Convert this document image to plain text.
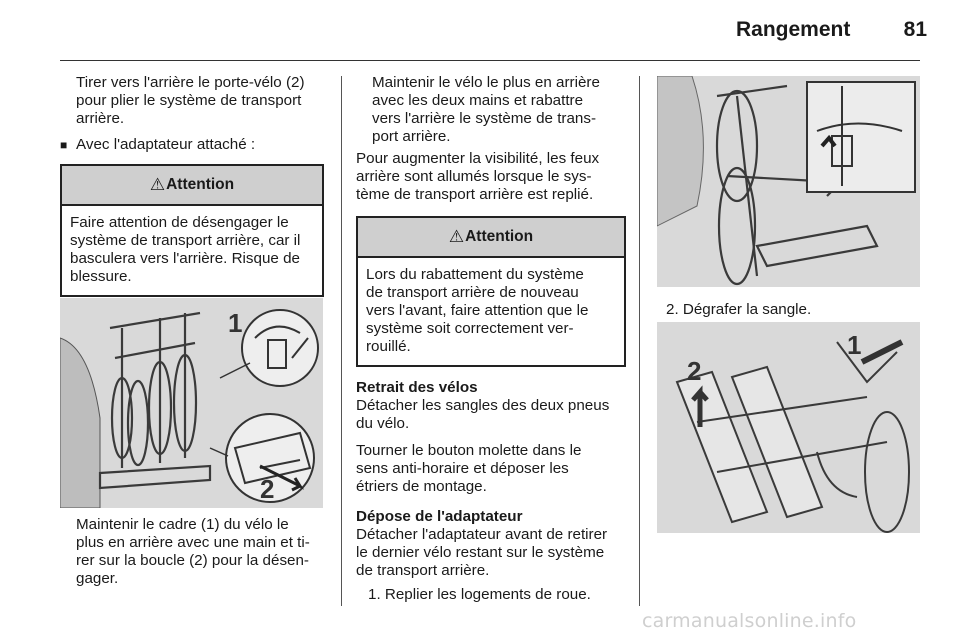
Rangement	81

Tirer vers l'arrière le porte-vélo (2)

pour plier le système de transport

arrière.

■ Avec l'adaptateur attaché :
⚠ Attention

Faire attention de désengager le

système de transport arrière, car il

basculera vers l'arrière. Risque de

blessure.

1
2

Maintenir le cadre (1) du vélo le

plus en arrière avec une main et ti-

rer sur la boucle (2) pour la désen-

gager.

Maintenir le vélo le plus en arrière

avec les deux mains et rabattre

vers l'arrière le système de trans-

port arrière.

Pour augmenter la visibilité, les feux

arrière sont allumés lorsque le sys-

tème de transport arrière est replié.

⚠ Attention

Lors du rabattement du système

de transport arrière de nouveau

vers l'avant, faire attention que le

système soit correctement ver-

rouillé.

Retrait des vélos

Détacher les sangles des deux pneus

du vélo.

Tourner le bouton molette dans le

sens anti-horaire et déposer les

étriers de montage.

Dépose de l'adaptateur

Détacher l'adaptateur avant de retirer

le dernier vélo restant sur le système

de transport arrière.

1. Replier les logements de roue.

2. Dégrafer la sangle.
2
1
carmanualsonline.info
